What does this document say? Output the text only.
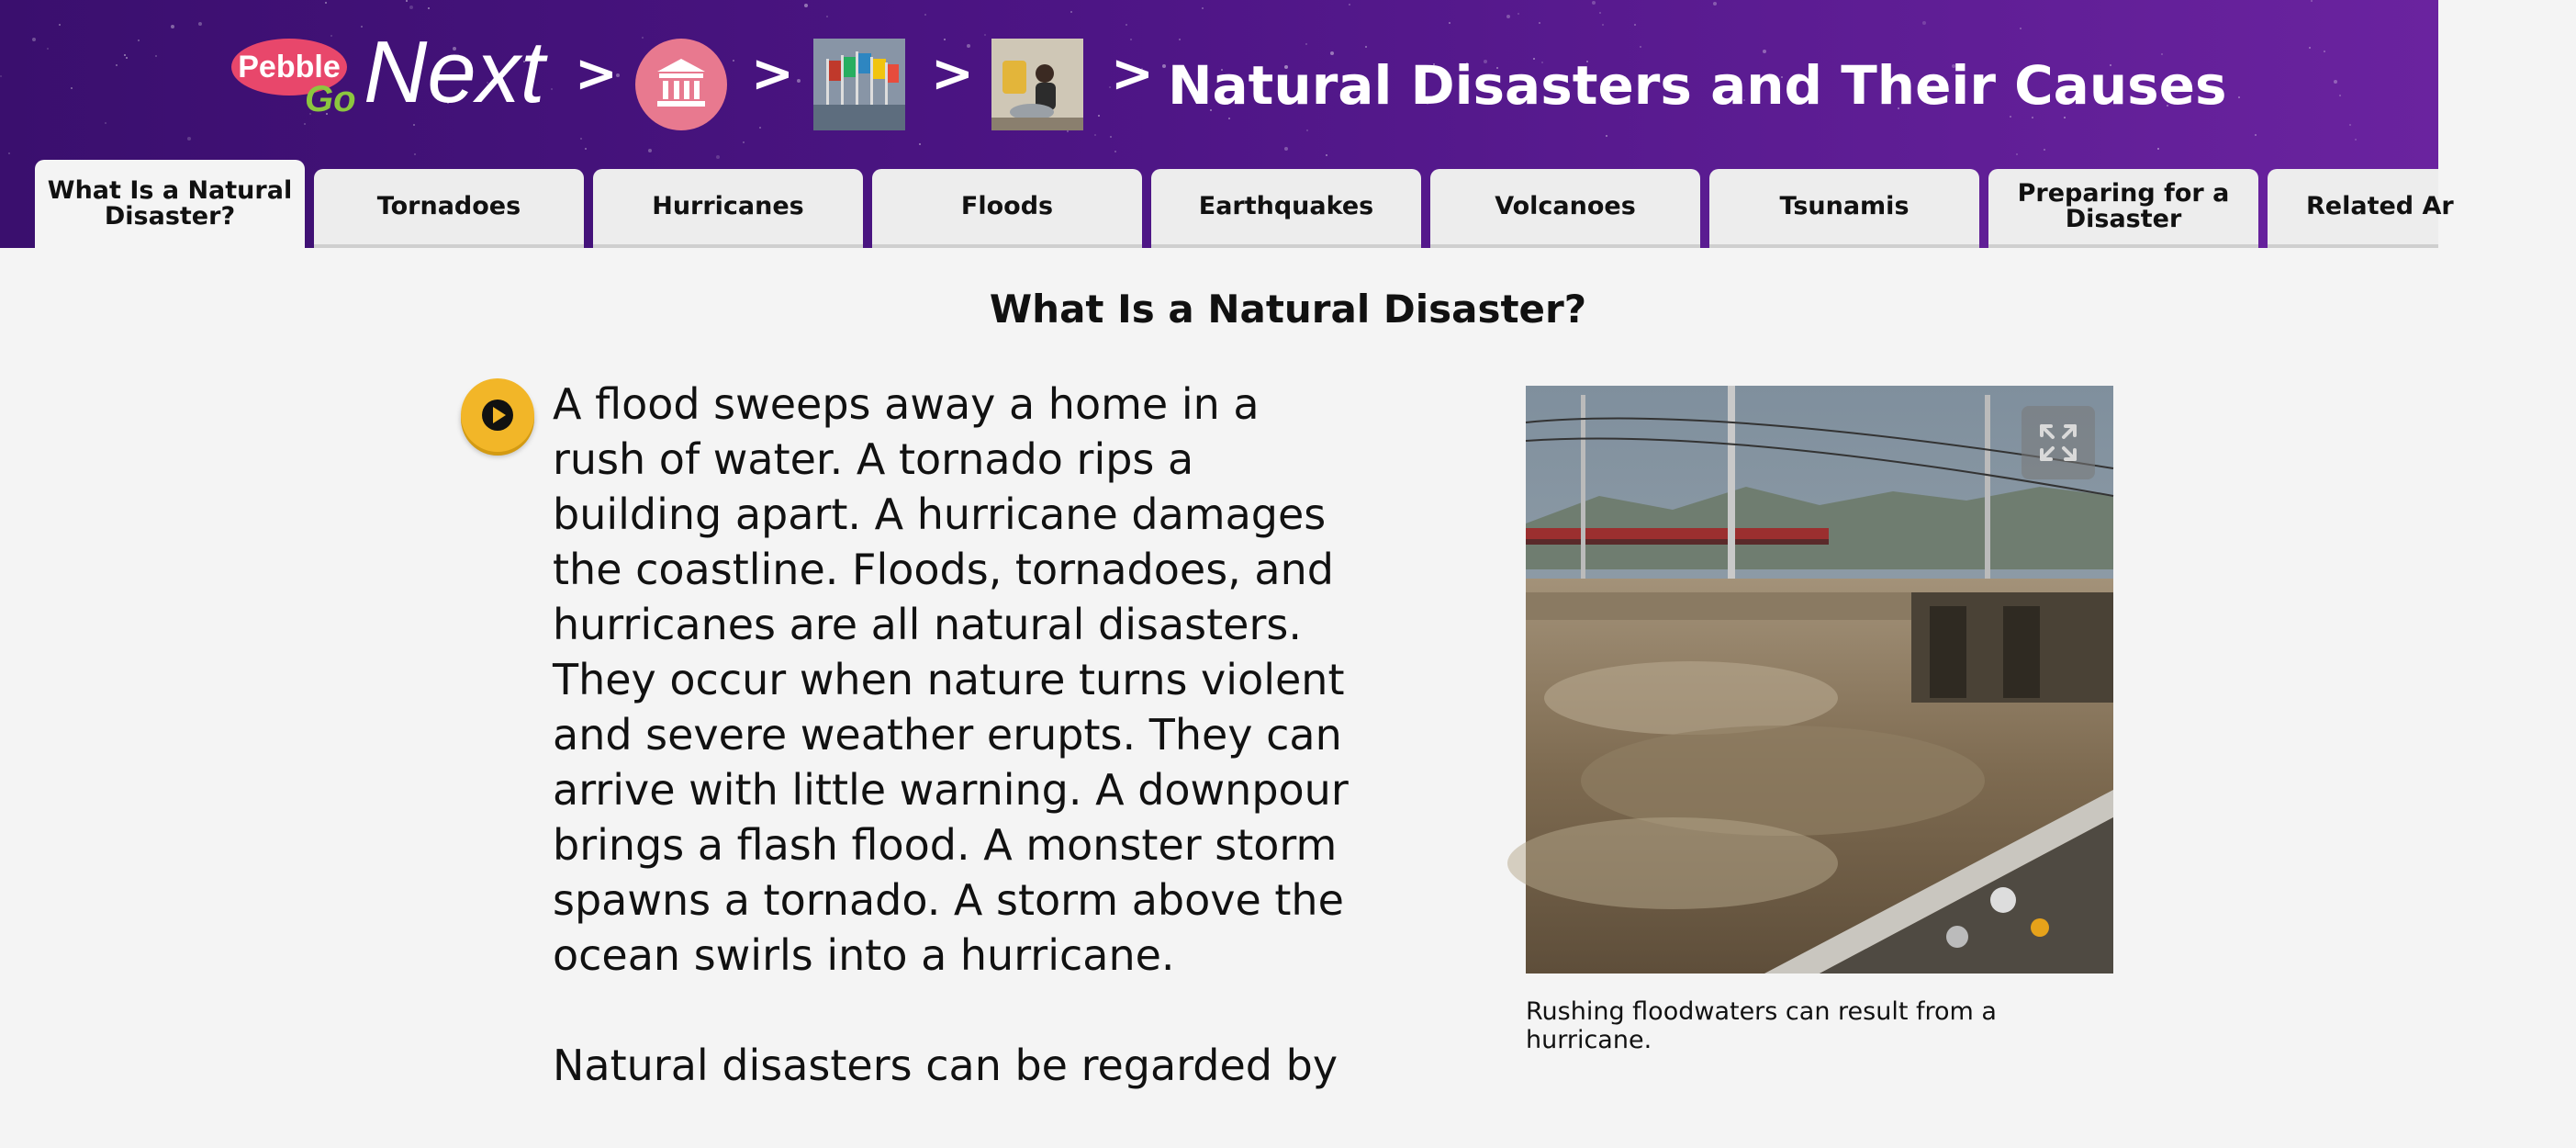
Pebble
Go Next >	>	>	> Natural Disasters and Their Causes
What Is a Natural Disaster?	Tornadoes	Hurricanes	Floods	Earthquakes	Volcanoes	Tsunamis	Preparing for a Disaster	Related Ar
What Is a Natural Disaster?

A flood sweeps away a home in a rush of water. A tornado rips a building apart. A hurricane damages the coastline. Floods, tornadoes, and hurricanes are all natural disasters. They occur when nature turns violent and severe weather erupts. They can arrive with little warning. A downpour brings a flash flood. A monster storm spawns a tornado. A storm above the ocean swirls into a hurricane.

Natural disasters can be regarded by

Rushing floodwaters can result from a hurricane.
